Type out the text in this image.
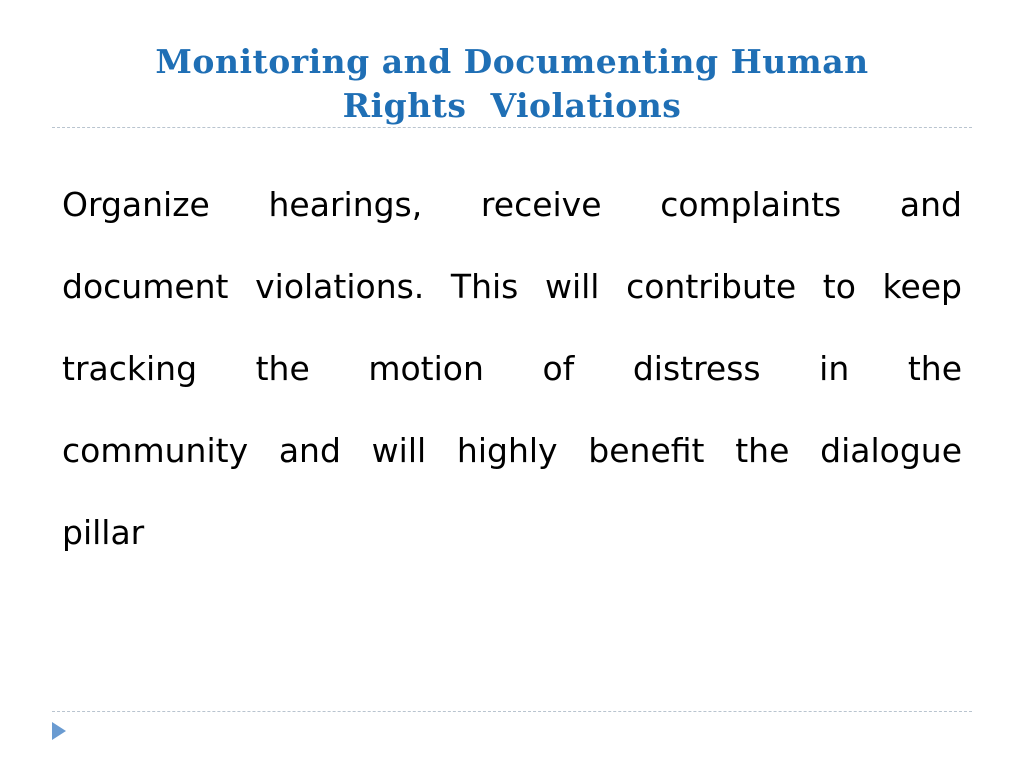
Monitoring and Documenting Human
Rights  Violations
Organize hearings, receive complaints and
document violations. This will contribute to keep
tracking the motion of distress in the
community and will highly benefit the dialogue
pillar
